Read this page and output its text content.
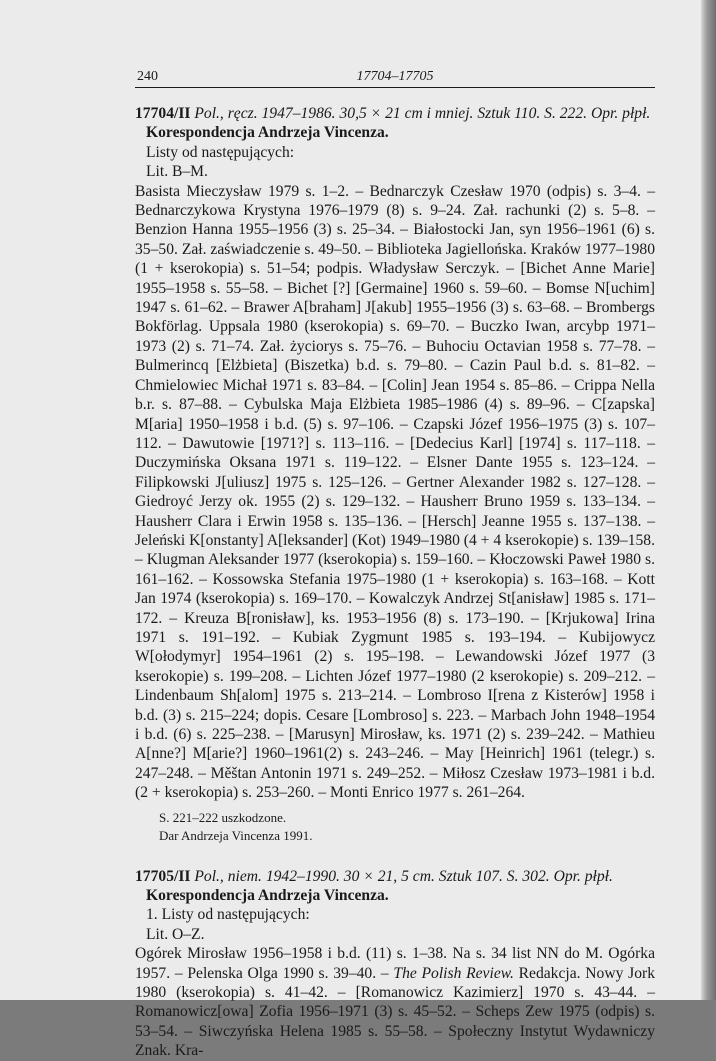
240	17704–17705

17704/II Pol., ręcz. 1947–1986. 30,5 × 21 cm i mniej. Sztuk 110. S. 222. Opr. płpł.

Korespondencja Andrzeja Vincenza.

Listy od następujących:

Lit. B–M.

Basista Mieczysław 1979 s. 1–2. – Bednarczyk Czesław 1970 (odpis) s. 3–4. – Bednarczykowa Krystyna 1976–1979 (8) s. 9–24. Zał. rachunki (2) s. 5–8. – Benzion Hanna 1955–1956 (3) s. 25–34. – Białostocki Jan, syn 1956–1961 (6) s. 35–50. Zał. zaświadczenie s. 49–50. – Biblioteka Jagiellońska. Kraków 1977–1980 (1 + kserokopia) s. 51–54; podpis. Władysław Serczyk. – [Bichet Anne Marie] 1955–1958 s. 55–58. – Bichet [?] [Germaine] 1960 s. 59–60. – Bomse N[uchim] 1947 s. 61–62. – Brawer A[braham] J[akub] 1955–1956 (3) s. 63–68. – Brombergs Bokförlag. Uppsala 1980 (kserokopia) s. 69–70. – Buczko Iwan, arcybp 1971–1973 (2) s. 71–74. Zał. życiorys s. 75–76. – Buhociu Octavian 1958 s. 77–78. – Bulmerincq [Elżbieta] (Biszetka) b.d. s. 79–80. – Cazin Paul b.d. s. 81–82. – Chmielowiec Michał 1971 s. 83–84. – [Colin] Jean 1954 s. 85–86. – Crippa Nella b.r. s. 87–88. – Cybulska Maja Elżbieta 1985–1986 (4) s. 89–96. – C[zapska] M[aria] 1950–1958 i b.d. (5) s. 97–106. – Czapski Józef 1956–1975 (3) s. 107–112. – Dawutowie [1971?] s. 113–116. – [Dedecius Karl] [1974] s. 117–118. – Duczymińska Oksana 1971 s. 119–122. – Elsner Dante 1955 s. 123–124. – Filipkowski J[uliusz] 1975 s. 125–126. – Gertner Alexander 1982 s. 127–128. – Giedroyć Jerzy ok. 1955 (2) s. 129–132. – Hausherr Bruno 1959 s. 133–134. – Hausherr Clara i Erwin 1958 s. 135–136. – [Hersch] Jeanne 1955 s. 137–138. – Jeleński K[onstanty] A[leksander] (Kot) 1949–1980 (4 + 4 kserokopie) s. 139–158. – Klugman Aleksander 1977 (kserokopia) s. 159–160. – Kłoczowski Paweł 1980 s. 161–162. – Kossowska Stefania 1975–1980 (1 + kserokopia) s. 163–168. – Kott Jan 1974 (kserokopia) s. 169–170. – Kowalczyk Andrzej St[anisław] 1985 s. 171–172. – Kreuza B[ronisław], ks. 1953–1956 (8) s. 173–190. – [Krjukowa] Irina 1971 s. 191–192. – Kubiak Zygmunt 1985 s. 193–194. – Kubijowycz W[ołodymyr] 1954–1961 (2) s. 195–198. – Lewandowski Józef 1977 (3 kserokopie) s. 199–208. – Lichten Józef 1977–1980 (2 kserokopie) s. 209–212. – Lindenbaum Sh[alom] 1975 s. 213–214. – Lombroso I[rena z Kisterów] 1958 i b.d. (3) s. 215–224; dopis. Cesare [Lombroso] s. 223. – Marbach John 1948–1954 i b.d. (6) s. 225–238. – [Marusyn] Mirosław, ks. 1971 (2) s. 239–242. – Mathieu A[nne?] M[arie?] 1960–1961(2) s. 243–246. – May [Heinrich] 1961 (telegr.) s. 247–248. – Měštan Antonin 1971 s. 249–252. – Miłosz Czesław 1973–1981 i b.d. (2 + kserokopia) s. 253–260. – Monti Enrico 1977 s. 261–264.

S. 221–222 uszkodzone.
Dar Andrzeja Vincenza 1991.

17705/II Pol., niem. 1942–1990. 30 × 21, 5 cm. Sztuk 107. S. 302. Opr. płpł.

Korespondencja Andrzeja Vincenza.

1. Listy od następujących:

Lit. O–Z.

Ogórek Mirosław 1956–1958 i b.d. (11) s. 1–38. Na s. 34 list NN do M. Ogórka 1957. – Pelenska Olga 1990 s. 39–40. – The Polish Review. Redakcja. Nowy Jork 1980 (kserokopia) s. 41–42. – [Romanowicz Kazimierz] 1970 s. 43–44. – Romanowicz[owa] Zofia 1956–1971 (3) s. 45–52. – Scheps Zew 1975 (odpis) s. 53–54. – Siwczyńska Helena 1985 s. 55–58. – Społeczny Instytut Wydawniczy Znak. Kra-
